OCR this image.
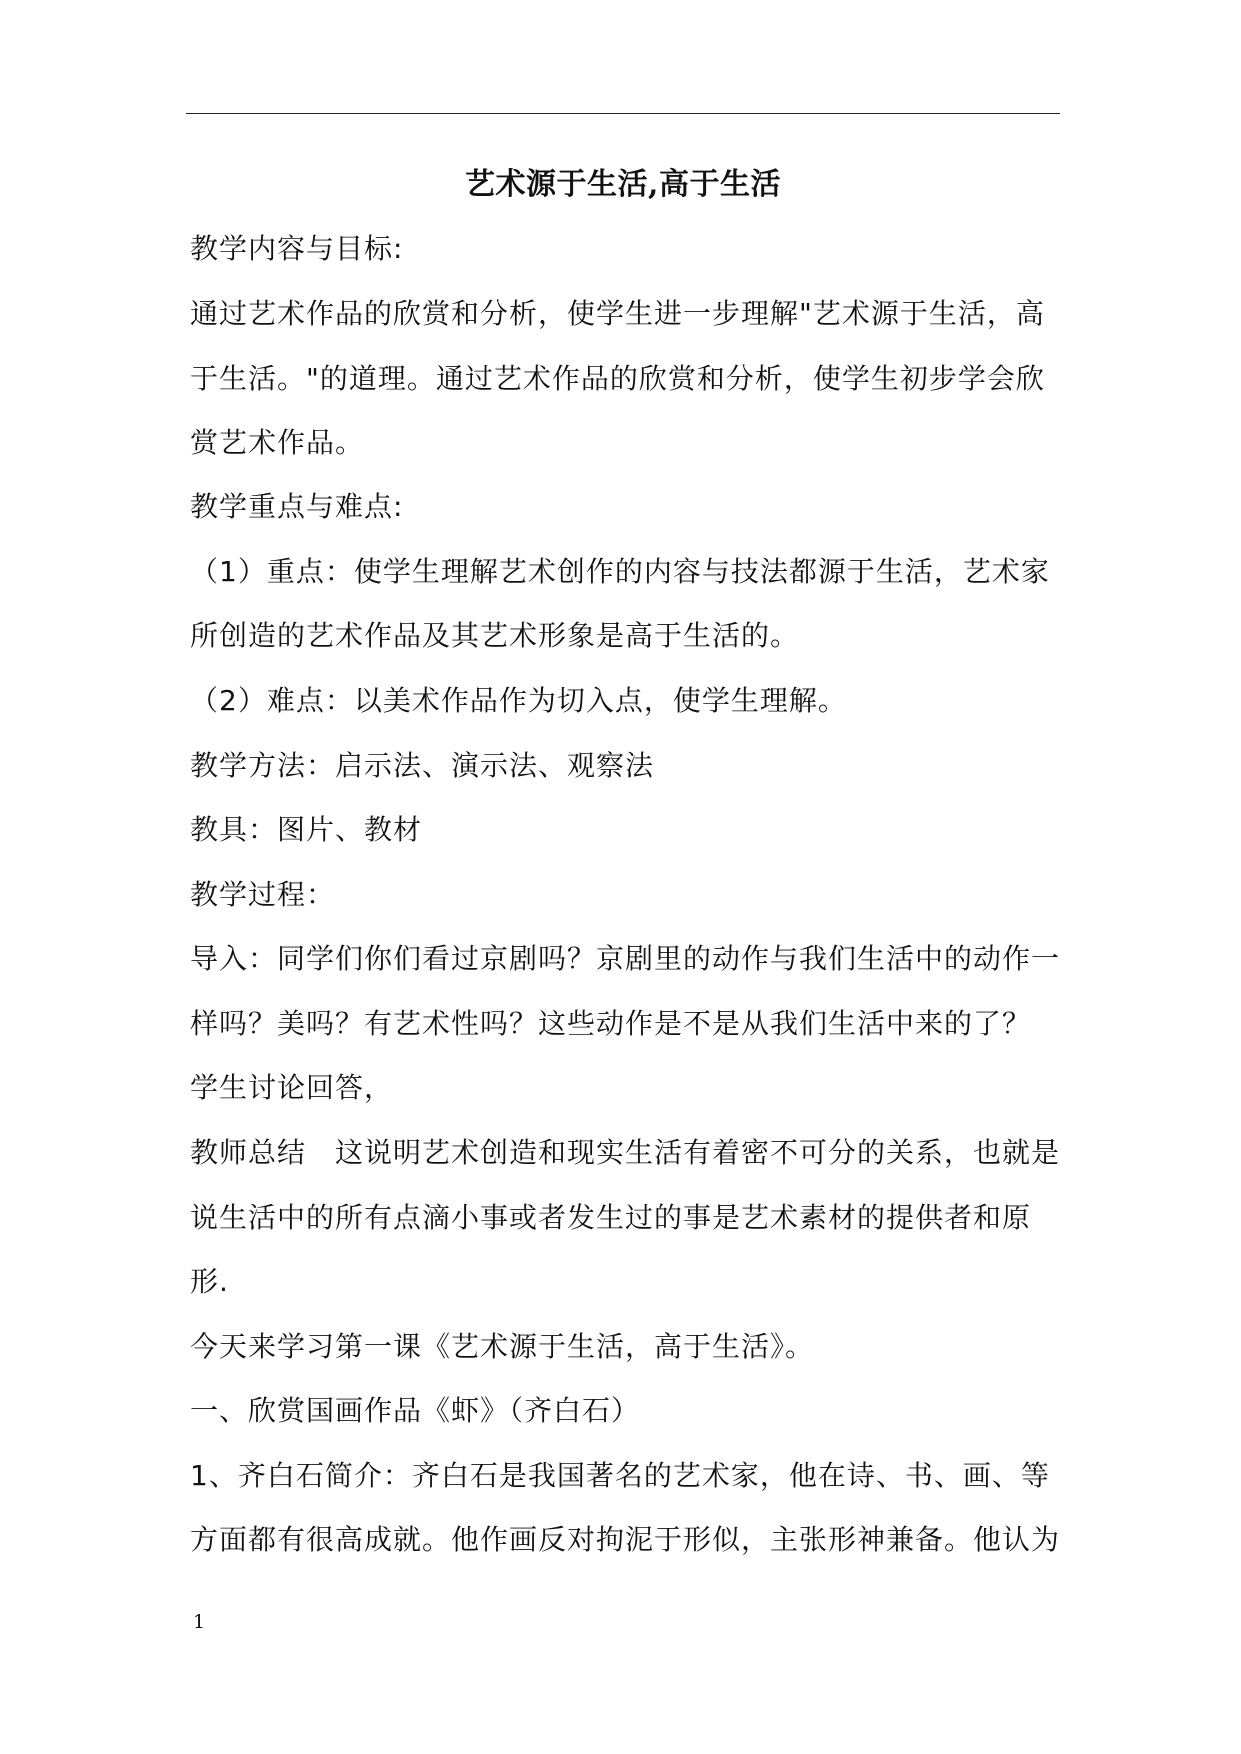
艺术源于生活,高于生活
教学内容与目标:
通过艺术作品的欣赏和分析，使学生进一步理解"艺术源于生活，高
于生活。"的道理。通过艺术作品的欣赏和分析，使学生初步学会欣
赏艺术作品。
教学重点与难点:
（1）重点：使学生理解艺术创作的内容与技法都源于生活，艺术家
所创造的艺术作品及其艺术形象是高于生活的。
（2）难点：以美术作品作为切入点，使学生理解。
教学方法：启示法、演示法、观察法
教具：图片、教材
教学过程：
导入：同学们你们看过京剧吗？京剧里的动作与我们生活中的动作一
样吗？美吗？有艺术性吗？这些动作是不是从我们生活中来的了？
学生讨论回答，
教师总结　这说明艺术创造和现实生活有着密不可分的关系，也就是
说生活中的所有点滴小事或者发生过的事是艺术素材的提供者和原
形.
今天来学习第一课《艺术源于生活，高于生活》。
一、欣赏国画作品《虾》（齐白石）
1、齐白石简介：齐白石是我国著名的艺术家，他在诗、书、画、等
方面都有很高成就。他作画反对拘泥于形似，主张形神兼备。他认为
1
